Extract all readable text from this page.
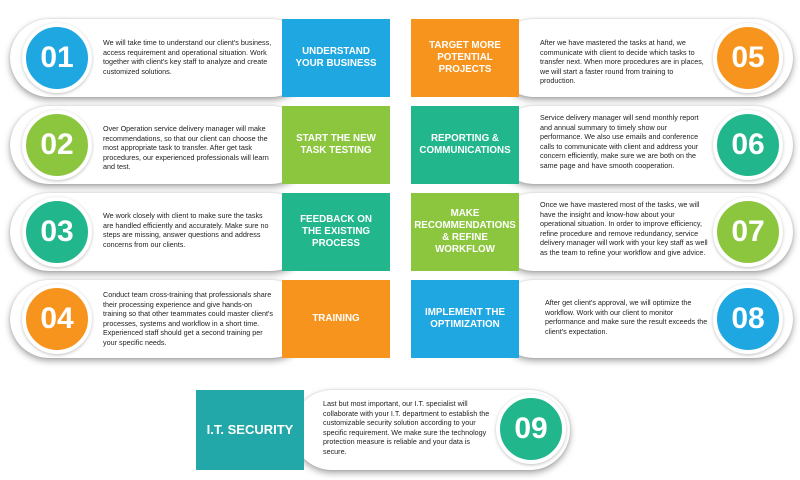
01	We will take time to understand our client's business, access requirement and operational situation. Work together with client's key staff to analyze and create customized solutions.
UNDERSTAND YOUR BUSINESS
02	Over Operation service delivery manager will make recommendations, so that our client can choose the most appropriate task to transfer. After get task procedures, our experienced professionals will learn and test.
START THE NEW TASK TESTING
03	We work closely with client to make sure the tasks are handled efficiently and accurately. Make sure no steps are missing, answer questions and address concerns from our clients.
FEEDBACK ON THE EXISTING PROCESS
04
Conduct team cross-training that professionals share their processing experience and give hands-on training so that other teammates could master client's processes, systems and workflow in a short time. Experienced staff should get a second training per your specific needs.
TRAINING
05
After we have mastered the tasks at hand, we communicate with client to decide which tasks to transfer next. When more procedures are in places, we will start a faster round from training to production.
TARGET MORE POTENTIAL PROJECTS
06
Service delivery manager will send monthly report and annual summary to timely show our performance. We also use emails and conference calls to communicate with client and address your concern efficiently, make sure we are both on the same page and have smooth cooperation.
REPORTING & COMMUNICATIONS
07
Once we have mastered most of the tasks, we will have the insight and know-how about your operational situation. In order to improve efficiency, refine procedure and remove redundancy, service delivery manager will work with your key staff as well as the team to refine your workflow and give advice.
MAKE RECOMMENDATIONS & REFINE WORKFLOW
08
After get client's approval, we will optimize the workflow. Work with our client to monitor performance and make sure the result exceeds the client's expectation.
IMPLEMENT THE OPTIMIZATION
09
Last but most important, our I.T. specialist will collaborate with your I.T. department to establish the customizable security solution according to your specific requirement. We make sure the technology protection measure is reliable and your data is secure.
I.T. SECURITY
